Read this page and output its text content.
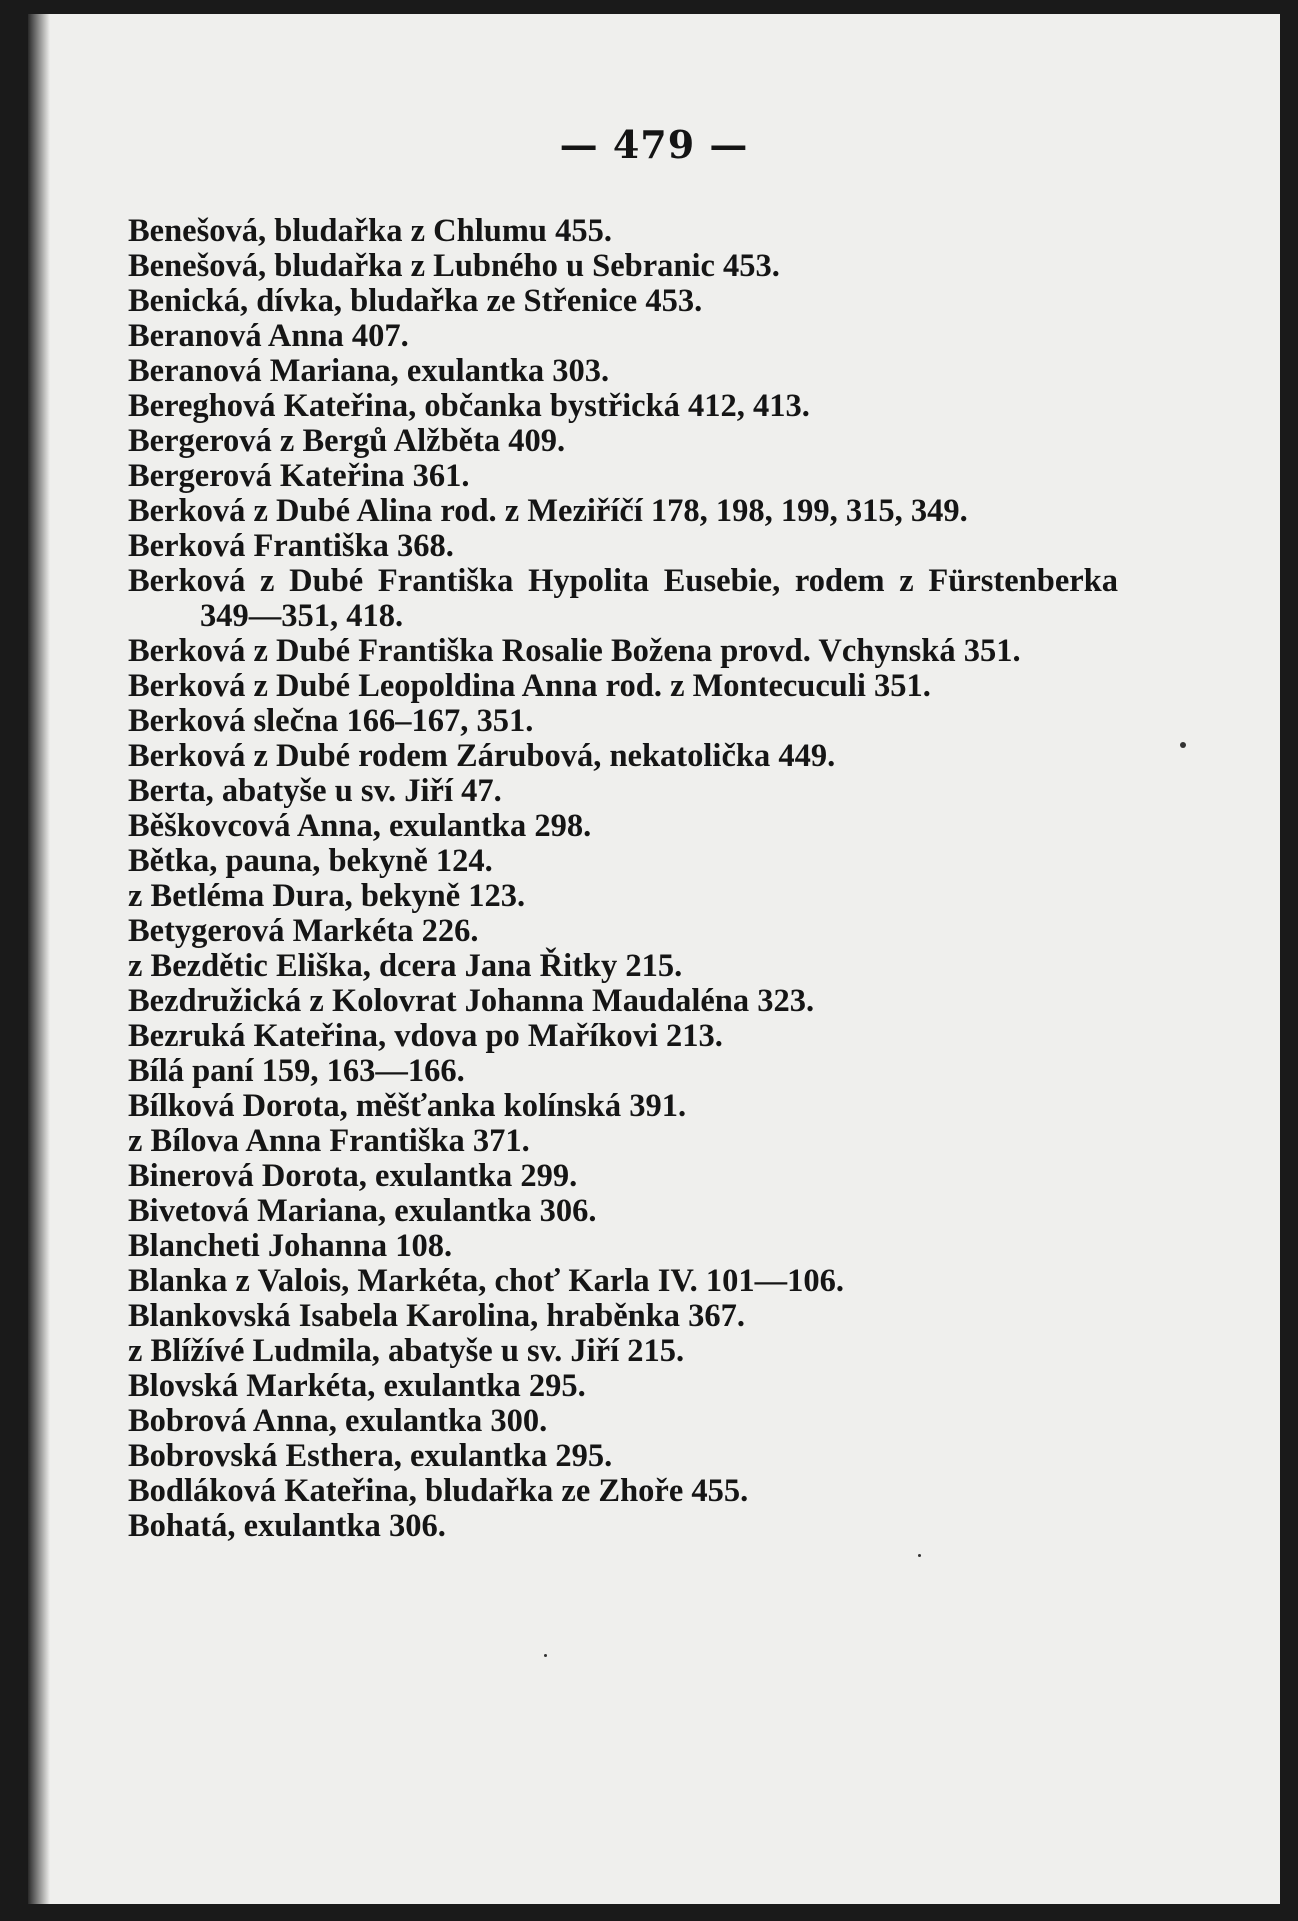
— 479 —

Benešová, bludařka z Chlumu 455.

Benešová, bludařka z Lubného u Sebranic 453.

Benická, dívka, bludařka ze Střenice 453.

Beranová Anna 407.

Beranová Mariana, exulantka 303.

Bereghová Kateřina, občanka bystřická 412, 413.

Bergerová z Bergů Alžběta 409.

Bergerová Kateřina 361.

Berková z Dubé Alina rod. z Meziříčí 178, 198, 199, 315, 349.

Berková Františka 368.

Berková z Dubé Františka Hypolita Eusebie, rodem z Fürstenberka 349—351, 418.

Berková z Dubé Františka Rosalie Božena provd. Vchynská 351.

Berková z Dubé Leopoldina Anna rod. z Montecuculi 351.

Berková slečna 166–167, 351.

Berková z Dubé rodem Zárubová, nekatolička 449.

Berta, abatyše u sv. Jiří 47.

Běškovcová Anna, exulantka 298.

Bětka, pauna, bekyně 124.

z Betléma Dura, bekyně 123.

Betygerová Markéta 226.

z Bezdětic Eliška, dcera Jana Řitky 215.

Bezdružická z Kolovrat Johanna Maudaléna 323.

Bezruká Kateřina, vdova po Maříkovi 213.

Bílá paní 159, 163—166.

Bílková Dorota, měšťanka kolínská 391.

z Bílova Anna Františka 371.

Binerová Dorota, exulantka 299.

Bivetová Mariana, exulantka 306.

Blancheti Johanna 108.

Blanka z Valois, Markéta, choť Karla IV. 101—106.

Blankovská Isabela Karolina, hraběnka 367.

z Blížívé Ludmila, abatyše u sv. Jiří 215.

Blovská Markéta, exulantka 295.

Bobrová Anna, exulantka 300.

Bobrovská Esthera, exulantka 295.

Bodláková Kateřina, bludařka ze Zhoře 455.

Bohatá, exulantka 306.
